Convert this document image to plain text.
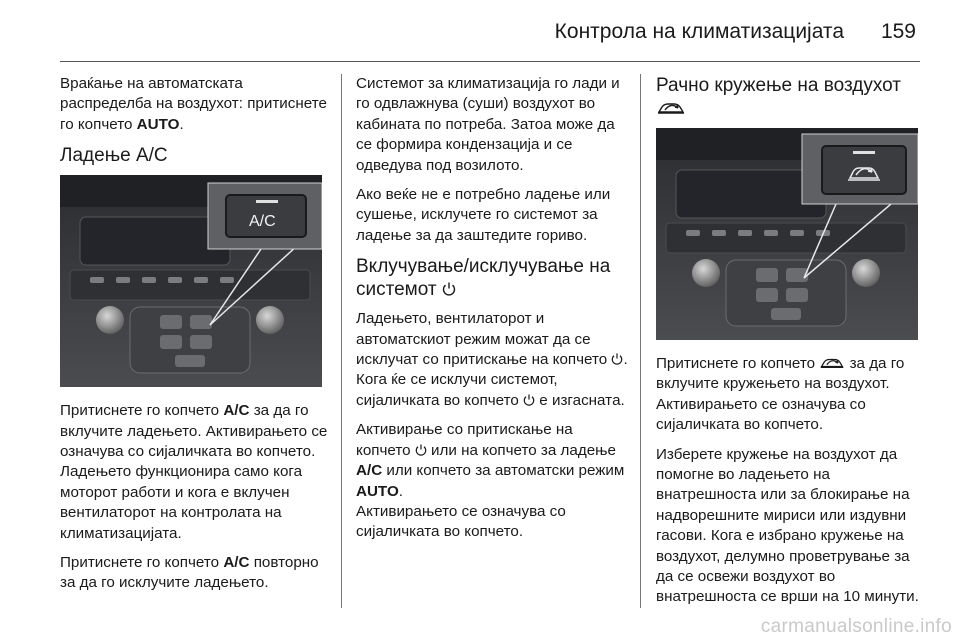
Контрола на климатизацијата 159

Враќање на автоматската распределба на воздухот: притиснете го копчето AUTO.

Ладење A/C
A/C

Притиснете го копчето A/C за да го вклучите ладењето. Активирањето се означува со сијаличката во копчето. Ладењето функционира само кога моторот работи и кога е вклучен вентилаторот на контролата на климатизацијата.

Притиснете го копчето A/C повторно за да го исклучите ладењето.

Системот за климатизација го лади и го одвлажнува (суши) воздухот во кабината по потреба. Затоа може да се формира кондензација и се одведува под возилото.

Ако веќе не е потребно ладење или сушење, исклучете го системот за ладење за да заштедите гориво.

Вклучување/исклучување на системот

Ладењето, вентилаторот и автоматскиот режим можат да се исклучат со притискање на копчето . Кога ќе се исклучи системот, сијаличката во копчето  е изгаснатa.

Активирање со притискање на копчето  или на копчето за ладење A/C или копчето за автоматски режим AUTO.

Активирањето се означува со сијаличката во копчето.

Рачно кружење на воздухот

Притиснете го копчето  за да го вклучите кружењето на воздухот. Активирањето се означува со сијаличката во копчето.

Изберете кружење на воздухот да помогне во ладењето на внатрешноста или за блокирање на надворешните мириси или издувни гасови. Кога е избрано кружење на воздухот, делумно проветрување за да се освежи воздухот во внатрешноста се врши на 10 минути.

carmanualsonline.info
